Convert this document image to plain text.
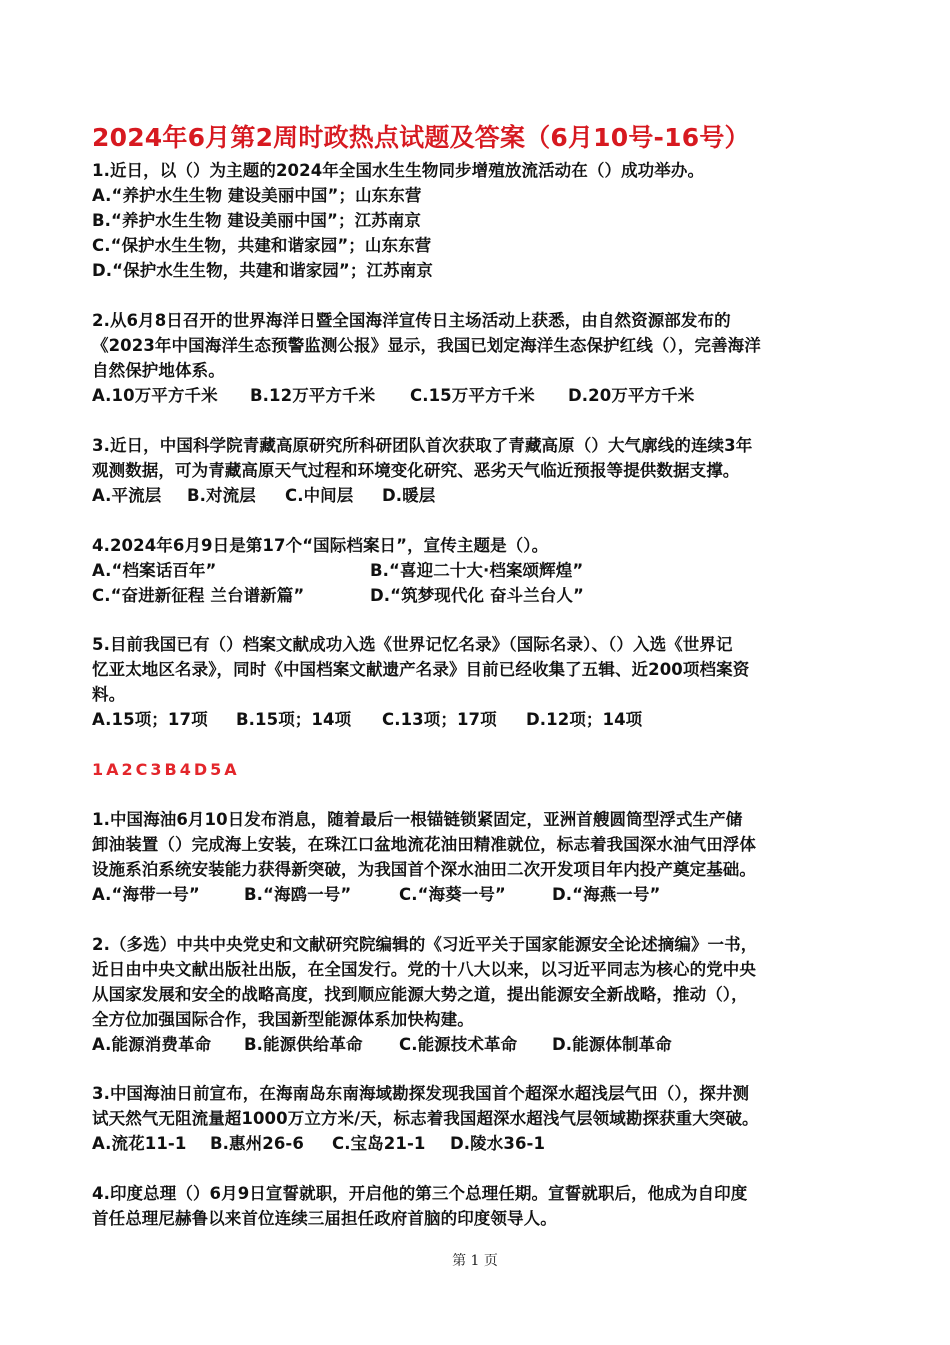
2024年6月第2周时政热点试题及答案（6月10号-16号）
1.近日，以（）为主题的2024年全国水生生物同步增殖放流活动在（）成功举办。
A.“养护水生生物 建设美丽中国”；山东东营
B.“养护水生生物 建设美丽中国”；江苏南京
C.“保护水生生物，共建和谐家园”；山东东营
D.“保护水生生物，共建和谐家园”；江苏南京
2.从6月8日召开的世界海洋日暨全国海洋宣传日主场活动上获悉，由自然资源部发布的
《2023年中国海洋生态预警监测公报》显示，我国已划定海洋生态保护红线（），完善海洋
自然保护地体系。
A.10万平方千米	B.12万平方千米	C.15万平方千米	D.20万平方千米
3.近日，中国科学院青藏高原研究所科研团队首次获取了青藏高原（）大气廓线的连续3年
观测数据，可为青藏高原天气过程和环境变化研究、恶劣天气临近预报等提供数据支撑。
A.平流层	B.对流层	C.中间层	D.暖层
4.2024年6月9日是第17个“国际档案日”，宣传主题是（）。
A.“档案话百年”	B.“喜迎二十大·档案颂辉煌”
C.“奋进新征程 兰台谱新篇”	D.“筑梦现代化 奋斗兰台人”
5.目前我国已有（）档案文献成功入选《世界记忆名录》（国际名录）、（）入选《世界记
忆亚太地区名录》，同时《中国档案文献遗产名录》目前已经收集了五辑、近200项档案资
料。
A.15项；17项	B.15项；14项	C.13项；17项	D.12项；14项
1A2C3B4D5A
1.中国海油6月10日发布消息，随着最后一根锚链锁紧固定，亚洲首艘圆筒型浮式生产储
卸油装置（）完成海上安装，在珠江口盆地流花油田精准就位，标志着我国深水油气田浮体
设施系泊系统安装能力获得新突破，为我国首个深水油田二次开发项目年内投产奠定基础。
A.“海带一号”	B.“海鸥一号”	C.“海葵一号”	D.“海燕一号”
2.（多选）中共中央党史和文献研究院编辑的《习近平关于国家能源安全论述摘编》一书，
近日由中央文献出版社出版，在全国发行。党的十八大以来，以习近平同志为核心的党中央
从国家发展和安全的战略高度，找到顺应能源大势之道，提出能源安全新战略，推动（），
全方位加强国际合作，我国新型能源体系加快构建。
A.能源消费革命	B.能源供给革命	C.能源技术革命	D.能源体制革命
3.中国海油日前宣布，在海南岛东南海域勘探发现我国首个超深水超浅层气田（），探井测
试天然气无阻流量超1000万立方米/天，标志着我国超深水超浅气层领域勘探获重大突破。
A.流花11-1	B.惠州26-6	C.宝岛21-1	D.陵水36-1
4.印度总理（）6月9日宣誓就职，开启他的第三个总理任期。宣誓就职后，他成为自印度
首任总理尼赫鲁以来首位连续三届担任政府首脑的印度领导人。
第 1 页
